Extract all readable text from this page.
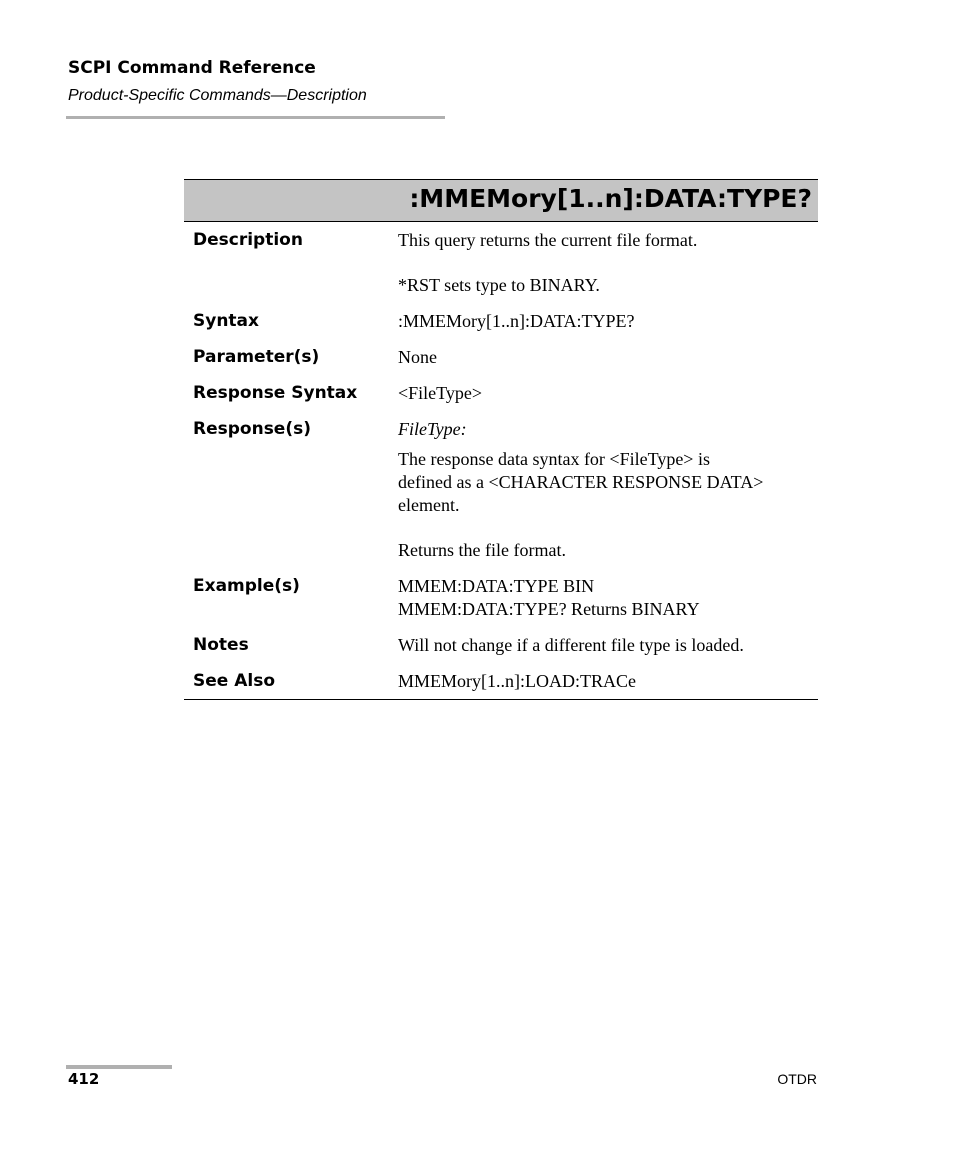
SCPI Command Reference
Product-Specific Commands—Description
:MMEMory[1..n]:DATA:TYPE?
Description	This query returns the current file format.

*RST sets type to BINARY.

Syntax	:MMEMory[1..n]:DATA:TYPE?

Parameter(s)	None

Response Syntax	<FileType>

Response(s)	FileType:

The response data syntax for <FileType> is

defined as a <CHARACTER RESPONSE DATA>

element.

Returns the file format.

Example(s)	MMEM:DATA:TYPE BIN

MMEM:DATA:TYPE? Returns BINARY

Notes	Will not change if a different file type is loaded.

See Also	MMEMory[1..n]:LOAD:TRACe

412	OTDR
